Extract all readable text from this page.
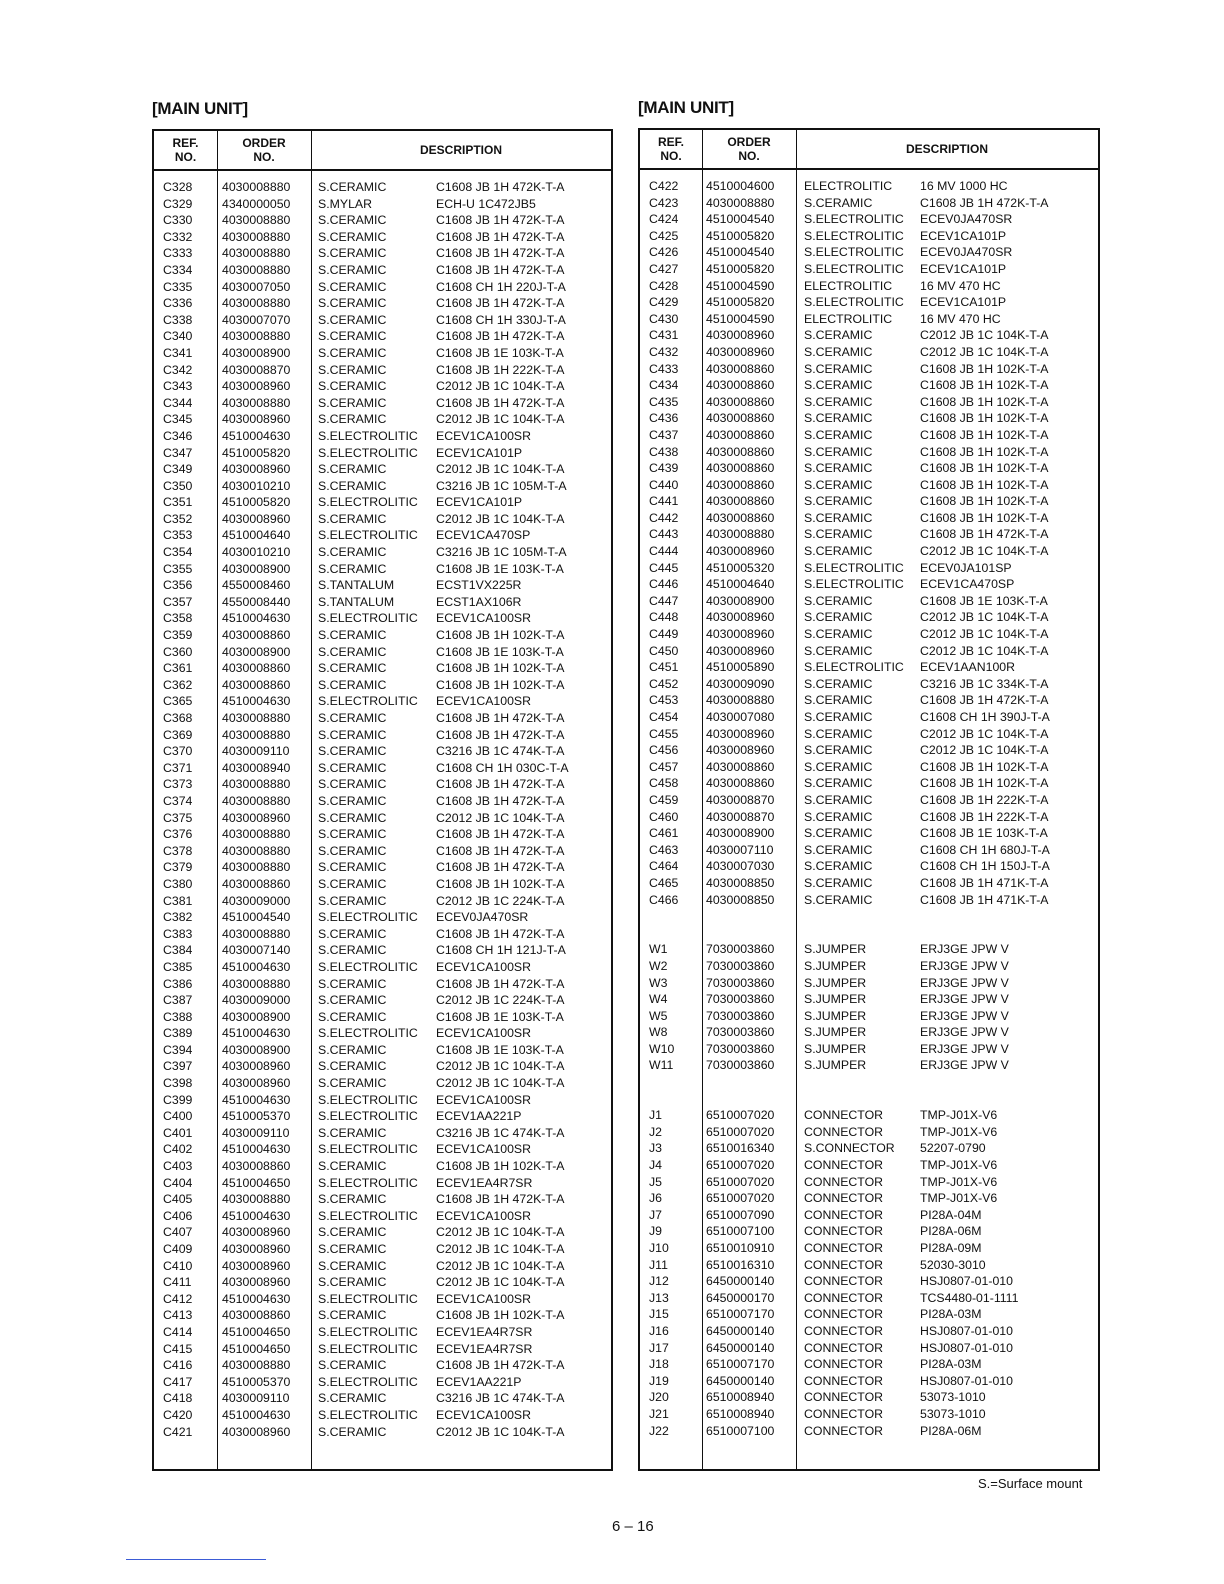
[MAIN UNIT]	[MAIN UNIT]
REF.
NO.
ORDER
NO.	DESCRIPTION
C328 4030008880 S.CERAMIC	C1608 JB 1H 472K-T-A
C329 4340000050 S.MYLAR	ECH-U 1C472JB5
C330 4030008880 S.CERAMIC	C1608 JB 1H 472K-T-A
C332 4030008880 S.CERAMIC	C1608 JB 1H 472K-T-A
C333 4030008880 S.CERAMIC	C1608 JB 1H 472K-T-A
C334 4030008880 S.CERAMIC	C1608 JB 1H 472K-T-A
C335 4030007050 S.CERAMIC	C1608 CH 1H 220J-T-A
C336 4030008880 S.CERAMIC	C1608 JB 1H 472K-T-A
C338 4030007070 S.CERAMIC	C1608 CH 1H 330J-T-A
C340 4030008880 S.CERAMIC	C1608 JB 1H 472K-T-A
C341 4030008900 S.CERAMIC	C1608 JB 1E 103K-T-A
C342 4030008870 S.CERAMIC	C1608 JB 1H 222K-T-A
C343 4030008960 S.CERAMIC	C2012 JB 1C 104K-T-A
C344 4030008880 S.CERAMIC	C1608 JB 1H 472K-T-A
C345 4030008960 S.CERAMIC	C2012 JB 1C 104K-T-A
C346 4510004630 S.ELECTROLITIC ECEV1CA100SR
C347 4510005820 S.ELECTROLITIC ECEV1CA101P
C349 4030008960 S.CERAMIC	C2012 JB 1C 104K-T-A
C350 4030010210 S.CERAMIC	C3216 JB 1C 105M-T-A
C351 4510005820 S.ELECTROLITIC ECEV1CA101P
C352 4030008960 S.CERAMIC	C2012 JB 1C 104K-T-A
C353 4510004640 S.ELECTROLITIC ECEV1CA470SP
C354 4030010210 S.CERAMIC	C3216 JB 1C 105M-T-A
C355 4030008900 S.CERAMIC	C1608 JB 1E 103K-T-A
C356 4550008460 S.TANTALUM	ECST1VX225R
C357 4550008440 S.TANTALUM	ECST1AX106R
C358 4510004630 S.ELECTROLITIC ECEV1CA100SR
C359 4030008860 S.CERAMIC	C1608 JB 1H 102K-T-A
C360 4030008900 S.CERAMIC	C1608 JB 1E 103K-T-A
C361 4030008860 S.CERAMIC	C1608 JB 1H 102K-T-A
C362 4030008860 S.CERAMIC	C1608 JB 1H 102K-T-A
C365 4510004630 S.ELECTROLITIC ECEV1CA100SR
C368 4030008880 S.CERAMIC	C1608 JB 1H 472K-T-A
C369 4030008880 S.CERAMIC	C1608 JB 1H 472K-T-A
C370 4030009110 S.CERAMIC	C3216 JB 1C 474K-T-A
C371 4030008940 S.CERAMIC	C1608 CH 1H 030C-T-A
C373 4030008880 S.CERAMIC	C1608 JB 1H 472K-T-A
C374 4030008880 S.CERAMIC	C1608 JB 1H 472K-T-A
C375 4030008960 S.CERAMIC	C2012 JB 1C 104K-T-A
C376 4030008880 S.CERAMIC	C1608 JB 1H 472K-T-A
C378 4030008880 S.CERAMIC	C1608 JB 1H 472K-T-A
C379 4030008880 S.CERAMIC	C1608 JB 1H 472K-T-A
C380 4030008860 S.CERAMIC	C1608 JB 1H 102K-T-A
C381 4030009000 S.CERAMIC	C2012 JB 1C 224K-T-A
C382 4510004540 S.ELECTROLITIC ECEV0JA470SR
C383 4030008880 S.CERAMIC	C1608 JB 1H 472K-T-A
C384 4030007140 S.CERAMIC	C1608 CH 1H 121J-T-A
C385 4510004630 S.ELECTROLITIC ECEV1CA100SR
C386 4030008880 S.CERAMIC	C1608 JB 1H 472K-T-A
C387 4030009000 S.CERAMIC	C2012 JB 1C 224K-T-A
C388 4030008900 S.CERAMIC	C1608 JB 1E 103K-T-A
C389 4510004630 S.ELECTROLITIC ECEV1CA100SR
C394 4030008900 S.CERAMIC	C1608 JB 1E 103K-T-A
C397 4030008960 S.CERAMIC	C2012 JB 1C 104K-T-A
C398 4030008960 S.CERAMIC	C2012 JB 1C 104K-T-A
C399 4510004630 S.ELECTROLITIC ECEV1CA100SR
C400 4510005370 S.ELECTROLITIC ECEV1AA221P
C401 4030009110 S.CERAMIC	C3216 JB 1C 474K-T-A
C402 4510004630 S.ELECTROLITIC ECEV1CA100SR
C403 4030008860 S.CERAMIC	C1608 JB 1H 102K-T-A
C404 4510004650 S.ELECTROLITIC ECEV1EA4R7SR
C405 4030008880 S.CERAMIC	C1608 JB 1H 472K-T-A
C406 4510004630 S.ELECTROLITIC ECEV1CA100SR
C407 4030008960 S.CERAMIC	C2012 JB 1C 104K-T-A
C409 4030008960 S.CERAMIC	C2012 JB 1C 104K-T-A
C410 4030008960 S.CERAMIC	C2012 JB 1C 104K-T-A
C411 4030008960 S.CERAMIC	C2012 JB 1C 104K-T-A
C412 4510004630 S.ELECTROLITIC ECEV1CA100SR
C413 4030008860 S.CERAMIC	C1608 JB 1H 102K-T-A
C414 4510004650 S.ELECTROLITIC ECEV1EA4R7SR
C415 4510004650 S.ELECTROLITIC ECEV1EA4R7SR
C416 4030008880 S.CERAMIC	C1608 JB 1H 472K-T-A
C417 4510005370 S.ELECTROLITIC ECEV1AA221P
C418 4030009110 S.CERAMIC	C3216 JB 1C 474K-T-A
C420 4510004630 S.ELECTROLITIC ECEV1CA100SR
C421 4030008960 S.CERAMIC	C2012 JB 1C 104K-T-A
REF.
NO.
ORDER
NO.	DESCRIPTION
C422 4510004600 ELECTROLITIC 16 MV 1000 HC
C423 4030008880 S.CERAMIC	C1608 JB 1H 472K-T-A
C424 4510004540 S.ELECTROLITIC ECEV0JA470SR
C425 4510005820 S.ELECTROLITIC ECEV1CA101P
C426 4510004540 S.ELECTROLITIC ECEV0JA470SR
C427 4510005820 S.ELECTROLITIC ECEV1CA101P
C428 4510004590 ELECTROLITIC 16 MV 470 HC
C429 4510005820 S.ELECTROLITIC ECEV1CA101P
C430 4510004590 ELECTROLITIC 16 MV 470 HC
C431 4030008960 S.CERAMIC	C2012 JB 1C 104K-T-A
C432 4030008960 S.CERAMIC	C2012 JB 1C 104K-T-A
C433 4030008860 S.CERAMIC	C1608 JB 1H 102K-T-A
C434 4030008860 S.CERAMIC	C1608 JB 1H 102K-T-A
C435 4030008860 S.CERAMIC	C1608 JB 1H 102K-T-A
C436 4030008860 S.CERAMIC	C1608 JB 1H 102K-T-A
C437 4030008860 S.CERAMIC	C1608 JB 1H 102K-T-A
C438 4030008860 S.CERAMIC	C1608 JB 1H 102K-T-A
C439 4030008860 S.CERAMIC	C1608 JB 1H 102K-T-A
C440 4030008860 S.CERAMIC	C1608 JB 1H 102K-T-A
C441 4030008860 S.CERAMIC	C1608 JB 1H 102K-T-A
C442 4030008860 S.CERAMIC	C1608 JB 1H 102K-T-A
C443 4030008880 S.CERAMIC	C1608 JB 1H 472K-T-A
C444 4030008960 S.CERAMIC	C2012 JB 1C 104K-T-A
C445 4510005320 S.ELECTROLITIC ECEV0JA101SP
C446 4510004640 S.ELECTROLITIC ECEV1CA470SP
C447 4030008900 S.CERAMIC	C1608 JB 1E 103K-T-A
C448 4030008960 S.CERAMIC	C2012 JB 1C 104K-T-A
C449 4030008960 S.CERAMIC	C2012 JB 1C 104K-T-A
C450 4030008960 S.CERAMIC	C2012 JB 1C 104K-T-A
C451 4510005890 S.ELECTROLITIC ECEV1AAN100R
C452 4030009090 S.CERAMIC	C3216 JB 1C 334K-T-A
C453 4030008880 S.CERAMIC	C1608 JB 1H 472K-T-A
C454 4030007080 S.CERAMIC	C1608 CH 1H 390J-T-A
C455 4030008960 S.CERAMIC	C2012 JB 1C 104K-T-A
C456 4030008960 S.CERAMIC	C2012 JB 1C 104K-T-A
C457 4030008860 S.CERAMIC	C1608 JB 1H 102K-T-A
C458 4030008860 S.CERAMIC	C1608 JB 1H 102K-T-A
C459 4030008870 S.CERAMIC	C1608 JB 1H 222K-T-A
C460 4030008870 S.CERAMIC	C1608 JB 1H 222K-T-A
C461 4030008900 S.CERAMIC	C1608 JB 1E 103K-T-A
C463 4030007110 S.CERAMIC	C1608 CH 1H 680J-T-A
C464 4030007030 S.CERAMIC	C1608 CH 1H 150J-T-A
C465 4030008850 S.CERAMIC	C1608 JB 1H 471K-T-A
C466 4030008850 S.CERAMIC	C1608 JB 1H 471K-T-A
W1	7030003860 S.JUMPER	ERJ3GE JPW V
W2	7030003860 S.JUMPER	ERJ3GE JPW V
W3	7030003860 S.JUMPER	ERJ3GE JPW V
W4	7030003860 S.JUMPER	ERJ3GE JPW V
W5	7030003860 S.JUMPER	ERJ3GE JPW V
W8	7030003860 S.JUMPER	ERJ3GE JPW V
W10	7030003860 S.JUMPER	ERJ3GE JPW V
W11	7030003860 S.JUMPER	ERJ3GE JPW V
J1	6510007020 CONNECTOR	TMP-J01X-V6
J2	6510007020 CONNECTOR	TMP-J01X-V6
J3	6510016340 S.CONNECTOR 52207-0790
J4	6510007020 CONNECTOR	TMP-J01X-V6
J5	6510007020 CONNECTOR	TMP-J01X-V6
J6	6510007020 CONNECTOR	TMP-J01X-V6
J7	6510007090 CONNECTOR	PI28A-04M
J9	6510007100 CONNECTOR	PI28A-06M
J10	6510010910 CONNECTOR	PI28A-09M
J11	6510016310 CONNECTOR	52030-3010
J12	6450000140 CONNECTOR	HSJ0807-01-010
J13	6450000170 CONNECTOR	TCS4480-01-1111
J15	6510007170 CONNECTOR	PI28A-03M
J16	6450000140 CONNECTOR	HSJ0807-01-010
J17	6450000140 CONNECTOR	HSJ0807-01-010
J18	6510007170 CONNECTOR	PI28A-03M
J19	6450000140 CONNECTOR	HSJ0807-01-010
J20	6510008940 CONNECTOR	53073-1010
J21	6510008940 CONNECTOR	53073-1010
J22	6510007100 CONNECTOR	PI28A-06M
S.=Surface mount
6 – 16
